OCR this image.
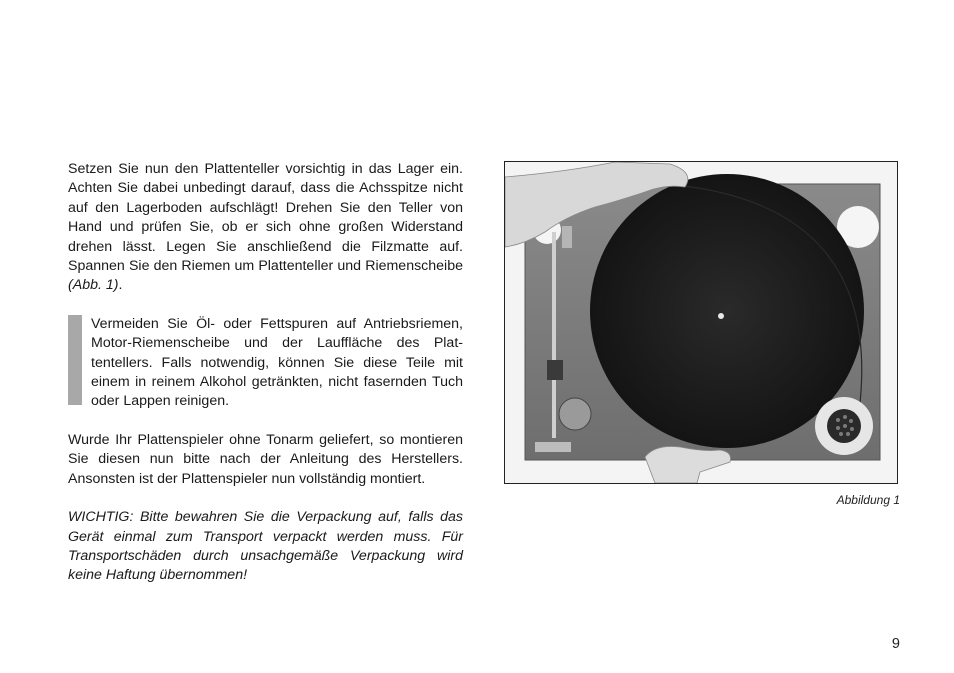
Setzen Sie nun den Plattenteller vorsichtig in das Lager ein. Achten Sie dabei unbedingt darauf, dass die Achsspitze nicht auf den Lagerboden aufschlägt! Drehen Sie den Teller von Hand und prüfen Sie, ob er sich ohne großen Widerstand drehen lässt. Legen Sie anschließend die Filzmatte auf. Spannen Sie den Riemen um Plattenteller und Riemenscheibe (Abb. 1).

Vermeiden Sie Öl- oder Fettspuren auf Antriebsriemen, Motor-Riemenscheibe und der Lauffläche des Plattentellers. Falls notwendig, können Sie diese Teile mit einem in reinem Alkohol getränkten, nicht fasernden Tuch oder Lappen reinigen.

Wurde Ihr Plattenspieler ohne Tonarm geliefert, so montieren Sie diesen nun bitte nach der Anleitung des Herstellers. Ansonsten ist der Plattenspieler nun vollständig montiert.

WICHTIG: Bitte bewahren Sie die Verpackung auf, falls das Gerät einmal zum Transport verpackt werden muss. Für Transportschäden durch unsachgemäße Verpackung wird keine Haftung übernommen!

Abbildung 1
9
